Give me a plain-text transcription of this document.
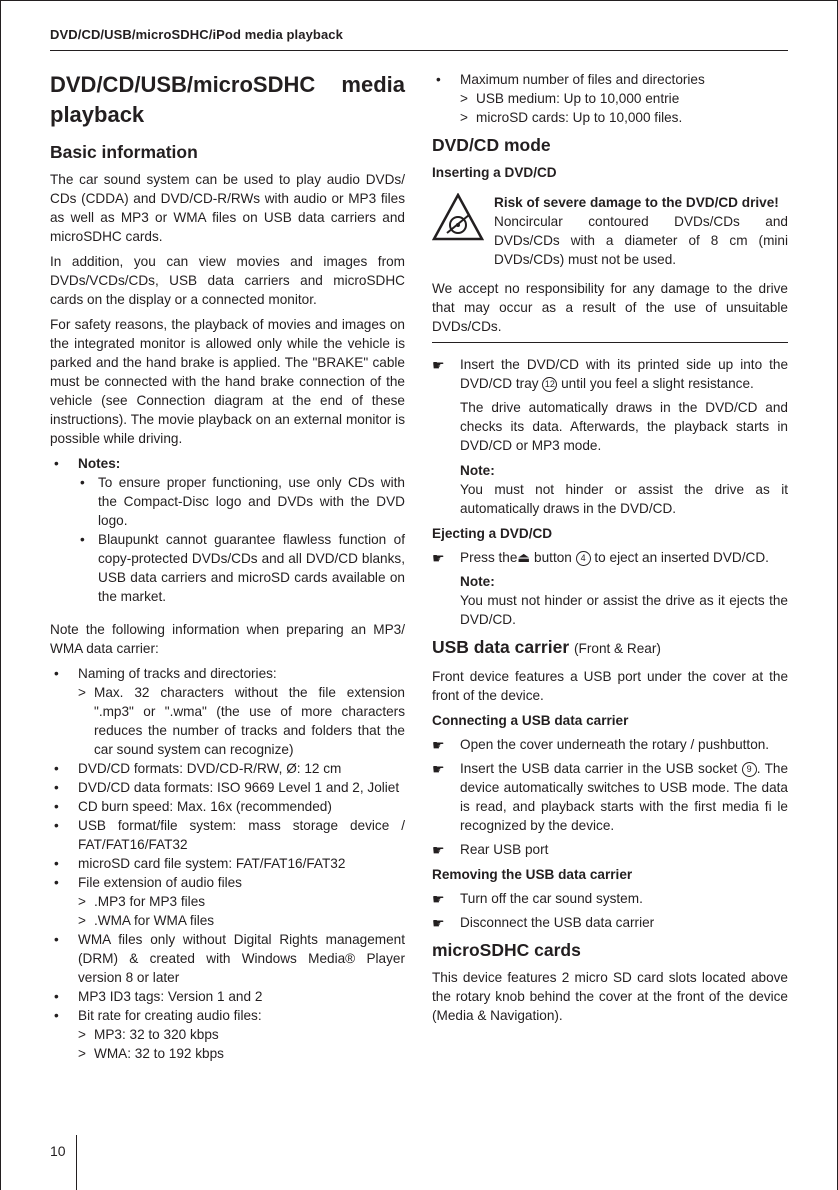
DVD/CD/USB/microSDHC/iPod media playback
DVD/CD/USB/microSDHC media playback
Basic information

The car sound system can be used to play audio DVDs/ CDs (CDDA) and DVD/CD-R/RWs with audio or MP3 files as well as MP3 or WMA files on USB data carriers and microSDHC cards.

In addition, you can view movies and images from DVDs/VCDs/CDs, USB data carriers and microSDHC cards on the display or a connected monitor.

For safety reasons, the playback of movies and images on the integrated monitor is allowed only while the vehicle is parked and the hand brake is applied. The "BRAKE" cable must be connected with the hand brake connection of the vehicle (see Connection diagram at the end of these instructions). The movie playback on an external monitor is possible while driving.

• Notes:
• To ensure proper functioning, use only CDs with the Compact-Disc logo and DVDs with the DVD logo.
• Blaupunkt cannot guarantee flawless function of copy-protected DVDs/CDs and all DVD/CD blanks, USB data carriers and microSD cards available on the market.

Note the following information when preparing an MP3/ WMA data carrier:

• Naming of tracks and directories:
> Max. 32 characters without the file extension ".mp3" or ".wma" (the use of more characters reduces the number of tracks and folders that the car sound system can recognize)
• DVD/CD formats: DVD/CD-R/RW, Ø: 12 cm
• DVD/CD data formats: ISO 9669 Level 1 and 2, Joliet
• CD burn speed: Max. 16x (recommended)
• USB format/file system: mass storage device / FAT/FAT16/FAT32
• microSD card file system: FAT/FAT16/FAT32
• File extension of audio files
> .MP3 for MP3 files
> .WMA for WMA files
• WMA files only without Digital Rights management (DRM) & created with Windows Media® Player version 8 or later
• MP3 ID3 tags: Version 1 and 2
• Bit rate for creating audio files:
> MP3: 32 to 320 kbps
> WMA: 32 to 192 kbps
• Maximum number of files and directories
> USB medium: Up to 10,000 entrie
> microSD cards: Up to 10,000 files.
DVD/CD mode
Inserting a DVD/CD
Risk of severe damage to the DVD/CD drive!
Noncircular contoured DVDs/CDs and DVDs/CDs with a diameter of 8 cm (mini DVDs/CDs) must not be used.

We accept no responsibility for any damage to the drive that may occur as a result of the use of unsuitable DVDs/CDs.

☛ Insert the DVD/CD with its printed side up into the DVD/CD tray 12 until you feel a slight resistance.

The drive automatically draws in the DVD/CD and checks its data. Afterwards, the playback starts in DVD/CD or MP3 mode.

Note:

You must not hinder or assist the drive as it automatically draws in the DVD/CD.

Ejecting a DVD/CD
☛ Press the⏏ button 4 to eject an inserted DVD/CD.
Note:

You must not hinder or assist the drive as it ejects the DVD/CD.

USB data carrier (Front & Rear)

Front device features a USB port under the cover at the front of the device.

Connecting a USB data carrier
☛ Open the cover underneath the rotary / pushbutton.
☛ Insert the USB data carrier in the USB socket 9 . The device automatically switches to USB mode. The data is read, and playback starts with the first media fi le recognized by the device.
☛ Rear USB port
Removing the USB data carrier
☛ Turn off the car sound system.
☛ Disconnect the USB data carrier
microSDHC cards

This device features 2 micro SD card slots located above the rotary knob behind the cover at the front of the device (Media & Navigation).

10
